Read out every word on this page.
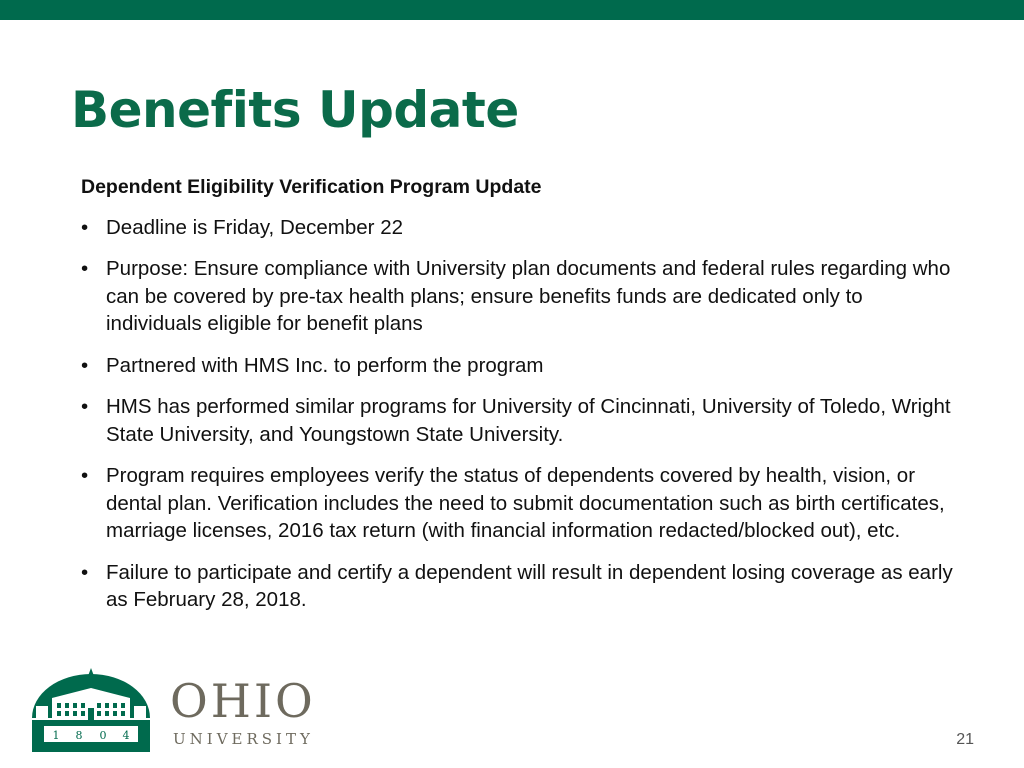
Benefits Update

Dependent Eligibility Verification Program Update

• Deadline is Friday, December 22
• Purpose: Ensure compliance with University plan documents and federal rules regarding who can be covered by pre-tax health plans; ensure benefits funds are dedicated only to individuals eligible for benefit plans
• Partnered with HMS Inc. to perform the program
• HMS has performed similar programs for University of Cincinnati, University of Toledo, Wright State University, and Youngstown State University.
• Program requires employees verify the status of dependents covered by health, vision, or dental plan. Verification includes the need to submit documentation such as birth certificates, marriage licenses, 2016 tax return (with financial information redacted/blocked out), etc.
• Failure to participate and certify a dependent will result in dependent losing coverage as early as February 28, 2018.
1 8 0 4
OHIO
UNIVERSITY	21
